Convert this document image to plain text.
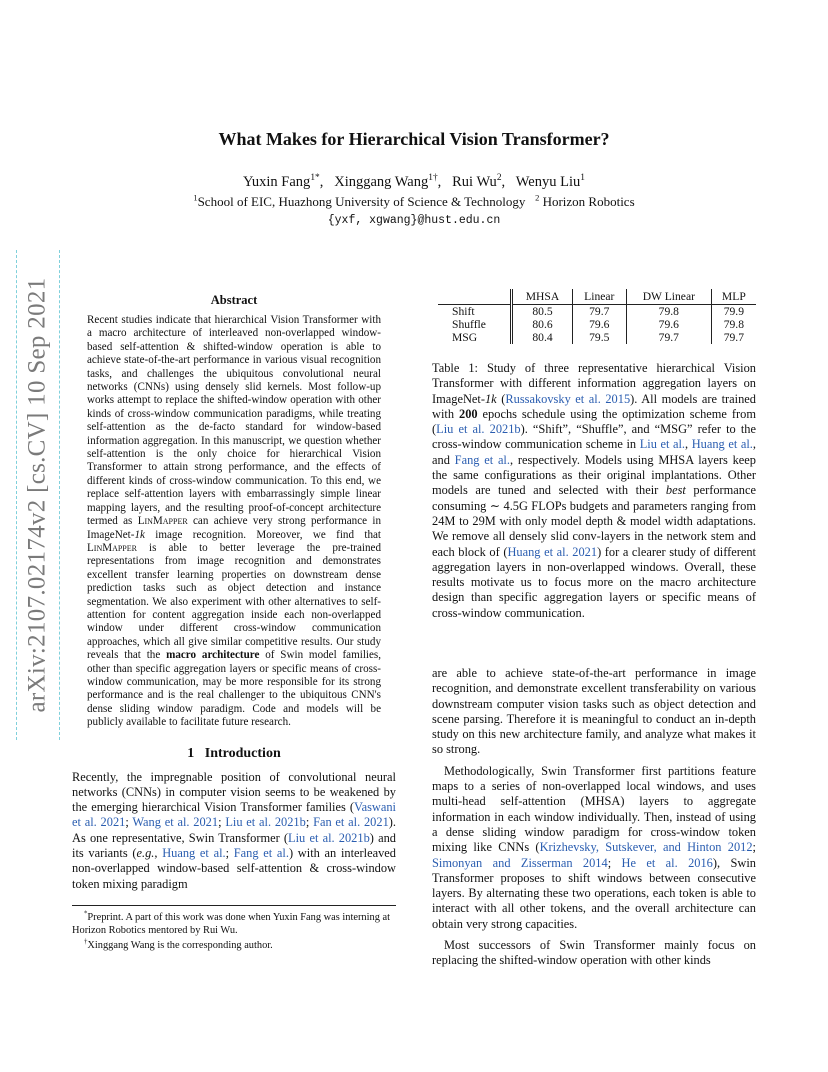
arXiv:2107.02174v2 [cs.CV] 10 Sep 2021
What Makes for Hierarchical Vision Transformer?
Yuxin Fang$^{1*}$,   Xinggang Wang$^{1\dagger}$,   Rui Wu$^2$,   Wenyu Liu$^1$
$^1$School of EIC, Huazhong University of Science & Technology $^2$ Horizon Robotics
{yxf, xgwang}@hust.edu.cn
Abstract

Recent studies indicate that hierarchical Vision Transformer with a macro architecture of interleaved non-overlapped window-based self-attention & shifted-window operation is able to achieve state-of-the-art performance in various visual recognition tasks, and challenges the ubiquitous convolutional neural networks (CNNs) using densely slid kernels. Most follow-up works attempt to replace the shifted-window operation with other kinds of cross-window communication paradigms, while treating self-attention as the de-facto standard for window-based information aggregation. In this manuscript, we question whether self-attention is the only choice for hierarchical Vision Transformer to attain strong performance, and the effects of different kinds of cross-window communication. To this end, we replace self-attention layers with embarrassingly simple linear mapping layers, and the resulting proof-of-concept architecture termed as LinMapper can achieve very strong performance in ImageNet-1k image recognition. Moreover, we find that LinMapper is able to better leverage the pre-trained representations from image recognition and demonstrates excellent transfer learning properties on downstream dense prediction tasks such as object detection and instance segmentation. We also experiment with other alternatives to self-attention for content aggregation inside each non-overlapped window under different cross-window communication approaches, which all give similar competitive results. Our study reveals that the macro architecture of Swin model families, other than specific aggregation layers or specific means of cross-window communication, may be more responsible for its strong performance and is the real challenger to the ubiquitous CNN's dense sliding window paradigm. Code and models will be publicly available to facilitate future research.

1 Introduction

Recently, the impregnable position of convolutional neural networks (CNNs) in computer vision seems to be weakened by the emerging hierarchical Vision Transformer families (Vaswani et al. 2021; Wang et al. 2021; Liu et al. 2021b; Fan et al. 2021). As one representative, Swin Transformer (Liu et al. 2021b) and its variants (e.g., Huang et al.; Fang et al.) with an interleaved non-overlapped window-based self-attention & cross-window token mixing paradigm

*Preprint. A part of this work was done when Yuxin Fang was interning at Horizon Robotics mentored by Rui Wu.

†Xinggang Wang is the corresponding author.

	MHSA	Linear	DW Linear	MLP
Shift	80.5	79.7	79.8	79.9
Shuffle	80.6	79.6	79.6	79.8
MSG	80.4	79.5	79.7	79.7

Table 1: Study of three representative hierarchical Vision Transformer with different information aggregation layers on ImageNet-1k (Russakovsky et al. 2015). All models are trained with 200 epochs schedule using the optimization scheme from (Liu et al. 2021b). “Shift”, “Shuffle”, and “MSG” refer to the cross-window communication scheme in Liu et al., Huang et al., and Fang et al., respectively. Models using MHSA layers keep the same configurations as their original implantations. Other models are tuned and selected with their best performance consuming ∼ 4.5G FLOPs budgets and parameters ranging from 24M to 29M with only model depth & model width adaptations. We remove all densely slid conv-layers in the network stem and each block of (Huang et al. 2021) for a clearer study of different aggregation layers in non-overlapped windows. Overall, these results motivate us to focus more on the macro architecture design than specific aggregation layers or specific means of cross-window communication.

are able to achieve state-of-the-art performance in image recognition, and demonstrate excellent transferability on various downstream computer vision tasks such as object detection and scene parsing. Therefore it is meaningful to conduct an in-depth study on this new architecture family, and analyze what makes it so strong.

Methodologically, Swin Transformer first partitions feature maps to a series of non-overlapped local windows, and uses multi-head self-attention (MHSA) layers to aggregate information in each window individually. Then, instead of using a dense sliding window paradigm for cross-window token mixing like CNNs (Krizhevsky, Sutskever, and Hinton 2012; Simonyan and Zisserman 2014; He et al. 2016), Swin Transformer proposes to shift windows between consecutive layers. By alternating these two operations, each token is able to interact with all other tokens, and the overall architecture can obtain very strong capacities.

Most successors of Swin Transformer mainly focus on replacing the shifted-window operation with other kinds
